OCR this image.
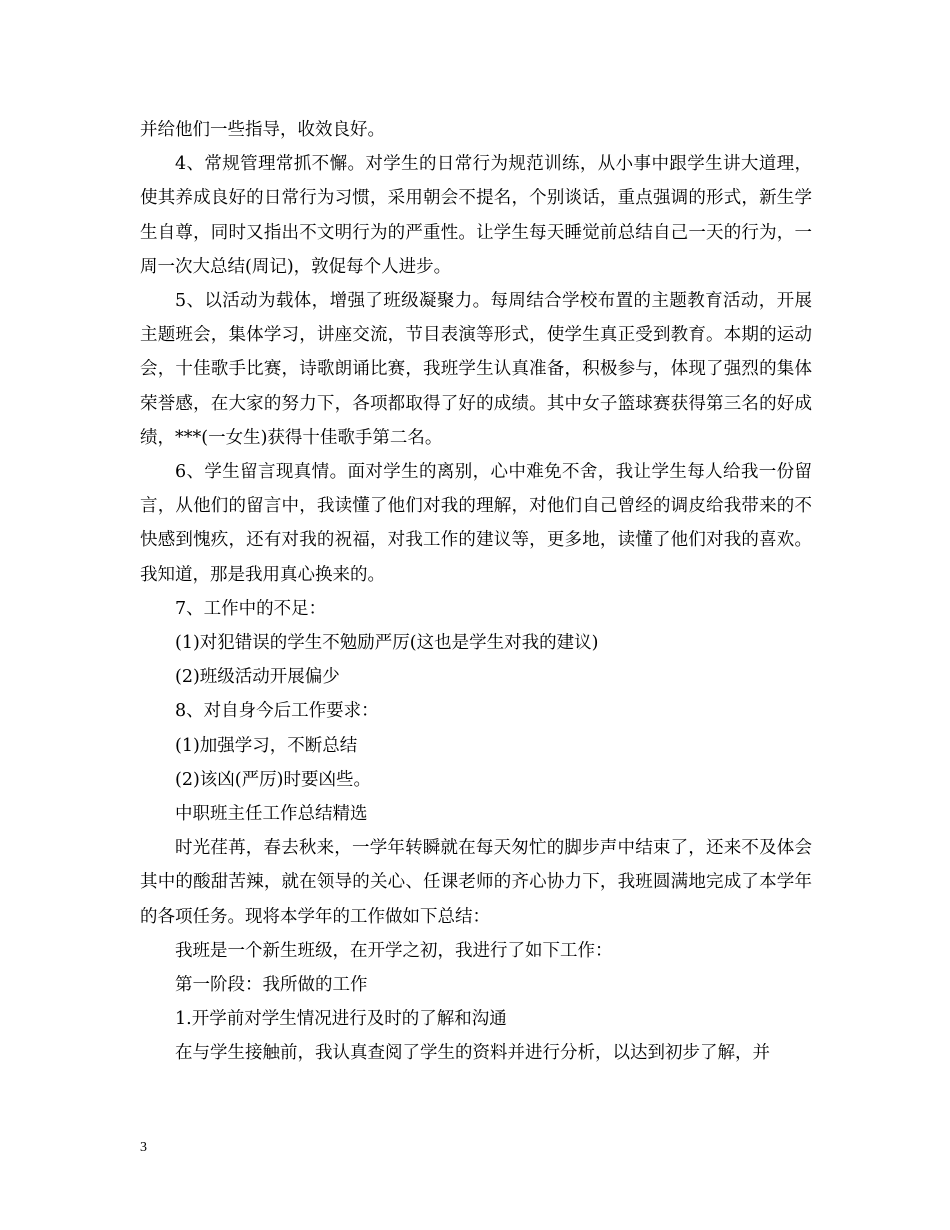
并给他们一些指导，收效良好。

4、常规管理常抓不懈。对学生的日常行为规范训练，从小事中跟学生讲大道理，使其养成良好的日常行为习惯，采用朝会不提名，个别谈话，重点强调的形式，新生学生自尊，同时又指出不文明行为的严重性。让学生每天睡觉前总结自己一天的行为，一周一次大总结(周记)，敦促每个人进步。

5、以活动为载体，增强了班级凝聚力。每周结合学校布置的主题教育活动，开展主题班会，集体学习，讲座交流，节目表演等形式，使学生真正受到教育。本期的运动会，十佳歌手比赛，诗歌朗诵比赛，我班学生认真准备，积极参与，体现了强烈的集体荣誉感，在大家的努力下，各项都取得了好的成绩。其中女子篮球赛获得第三名的好成绩，***(一女生)获得十佳歌手第二名。

6、学生留言现真情。面对学生的离别，心中难免不舍，我让学生每人给我一份留言，从他们的留言中，我读懂了他们对我的理解，对他们自己曾经的调皮给我带来的不快感到愧疚，还有对我的祝福，对我工作的建议等，更多地，读懂了他们对我的喜欢。我知道，那是我用真心换来的。

7、工作中的不足：

(1)对犯错误的学生不勉励严厉(这也是学生对我的建议)

(2)班级活动开展偏少

8、对自身今后工作要求：

(1)加强学习，不断总结

(2)该凶(严厉)时要凶些。

中职班主任工作总结精选

时光荏苒，春去秋来，一学年转瞬就在每天匆忙的脚步声中结束了，还来不及体会其中的酸甜苦辣，就在领导的关心、任课老师的齐心协力下，我班圆满地完成了本学年的各项任务。现将本学年的工作做如下总结：

我班是一个新生班级，在开学之初，我进行了如下工作：

第一阶段：我所做的工作

1.开学前对学生情况进行及时的了解和沟通

在与学生接触前，我认真查阅了学生的资料并进行分析，以达到初步了解，并

3
